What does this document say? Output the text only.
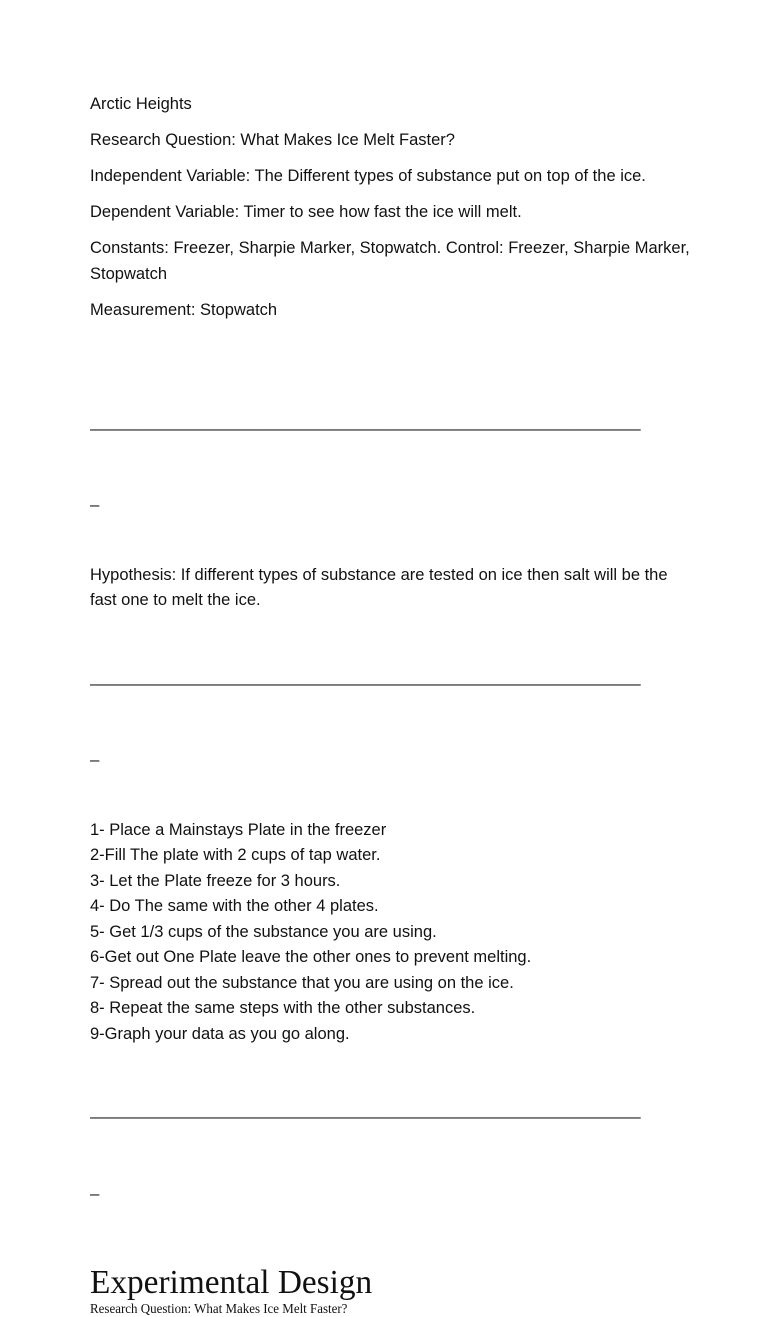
Arctic Heights

Research Question: What Makes Ice Melt Faster?

Independent Variable: The Different types of substance put on top of the ice.

Dependent Variable: Timer to see how fast the ice will melt.

Constants: Freezer, Sharpie Marker, Stopwatch. Control: Freezer, Sharpie Marker, Stopwatch

Measurement: Stopwatch

____________________________________________________________

_

Hypothesis: If different types of substance are tested on ice then salt will be the fast one to melt the ice.

____________________________________________________________

_

1- Place a Mainstays Plate in the freezer
2-Fill The plate with 2 cups of tap water.
3- Let the Plate freeze for 3 hours.
4- Do The same with the other 4 plates.
5- Get 1/3 cups of the substance you are using.
6-Get out One Plate leave the other ones to prevent melting.
7- Spread out the substance that you are using on the ice.
8- Repeat the same steps with the other substances.
9-Graph your data as you go along.

____________________________________________________________

_

Experimental Design
Research Question: What Makes Ice Melt Faster?
